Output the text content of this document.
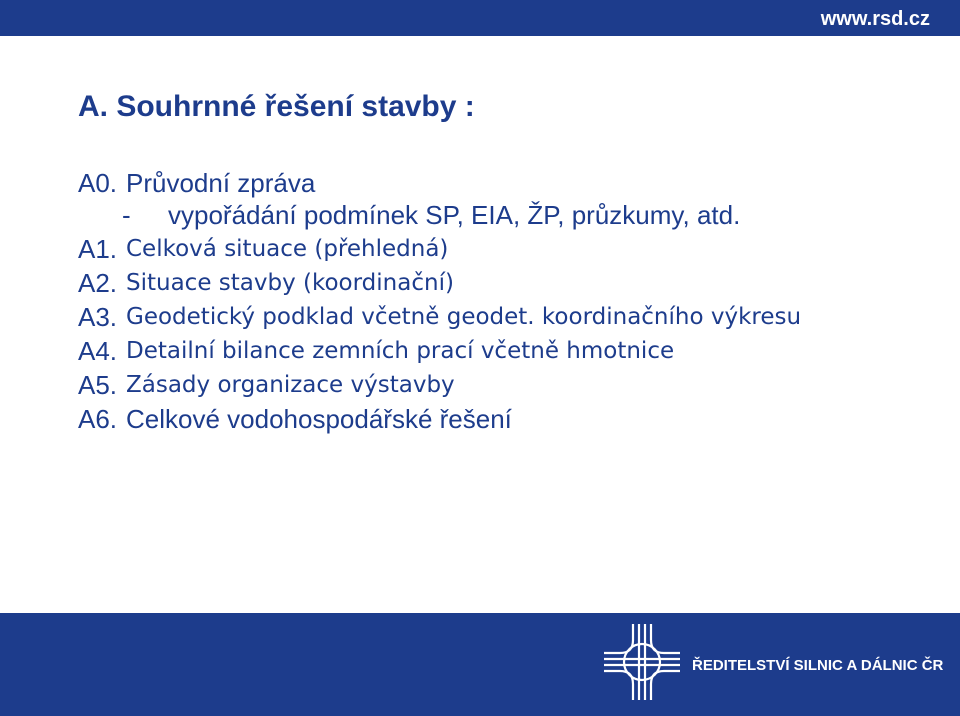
www.rsd.cz
A. Souhrnné řešení stavby :
A0. Průvodní zpráva
-	vypořádání podmínek SP, EIA, ŽP, průzkumy, atd.
A1. Celková situace (přehledná)
A2. Situace stavby (koordinační)
A3. Geodetický podklad včetně geodet. koordinačního výkresu
A4. Detailní bilance zemních prací včetně hmotnice
A5. Zásady organizace výstavby
A6. Celkové vodohospodářské řešení
ŘEDITELSTVÍ SILNIC A DÁLNIC ČR
